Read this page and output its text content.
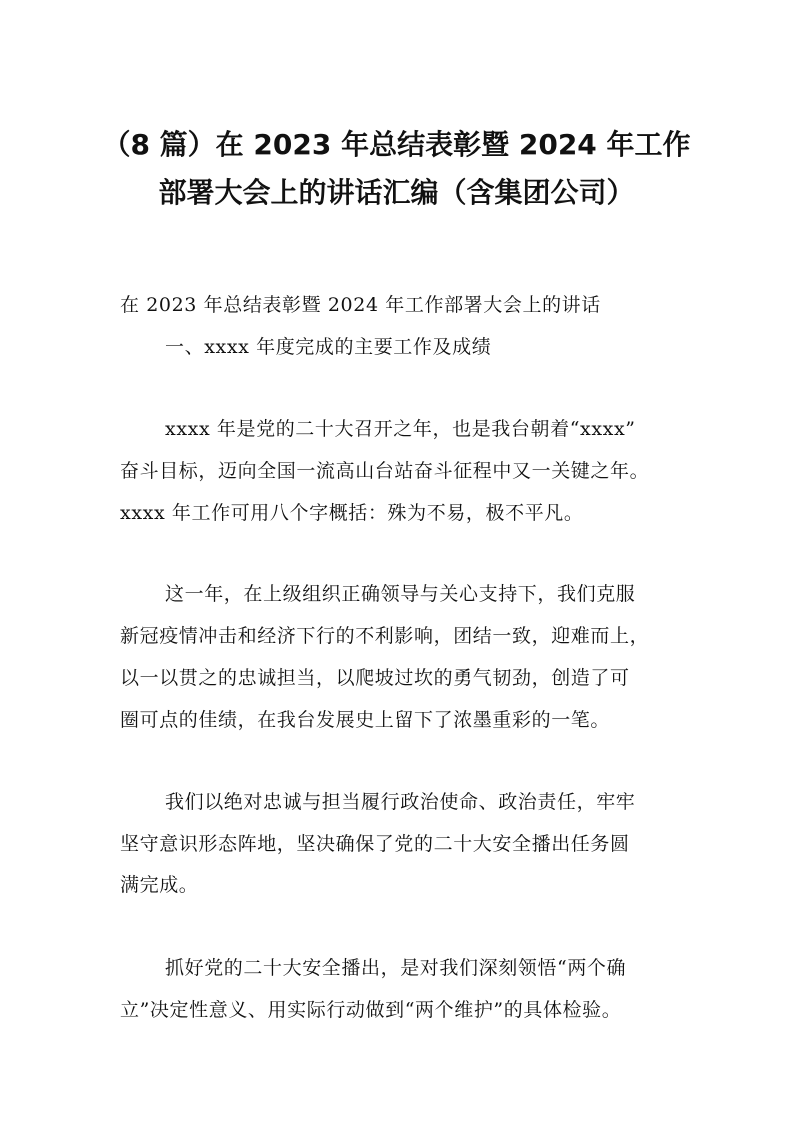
（8 篇）在 2023 年总结表彰暨 2024 年工作
部署大会上的讲话汇编（含集团公司）
在 2023 年总结表彰暨 2024 年工作部署大会上的讲话
一、xxxx 年度完成的主要工作及成绩
xxxx 年是党的二十大召开之年，也是我台朝着“xxxx”
奋斗目标，迈向全国一流高山台站奋斗征程中又一关键之年。
xxxx 年工作可用八个字概括：殊为不易，极不平凡。
这一年，在上级组织正确领导与关心支持下，我们克服
新冠疫情冲击和经济下行的不利影响，团结一致，迎难而上，
以一以贯之的忠诚担当，以爬坡过坎的勇气韧劲，创造了可
圈可点的佳绩，在我台发展史上留下了浓墨重彩的一笔。
我们以绝对忠诚与担当履行政治使命、政治责任，牢牢
坚守意识形态阵地，坚决确保了党的二十大安全播出任务圆
满完成。
抓好党的二十大安全播出，是对我们深刻领悟“两个确
立”决定性意义、用实际行动做到“两个维护”的具体检验。
